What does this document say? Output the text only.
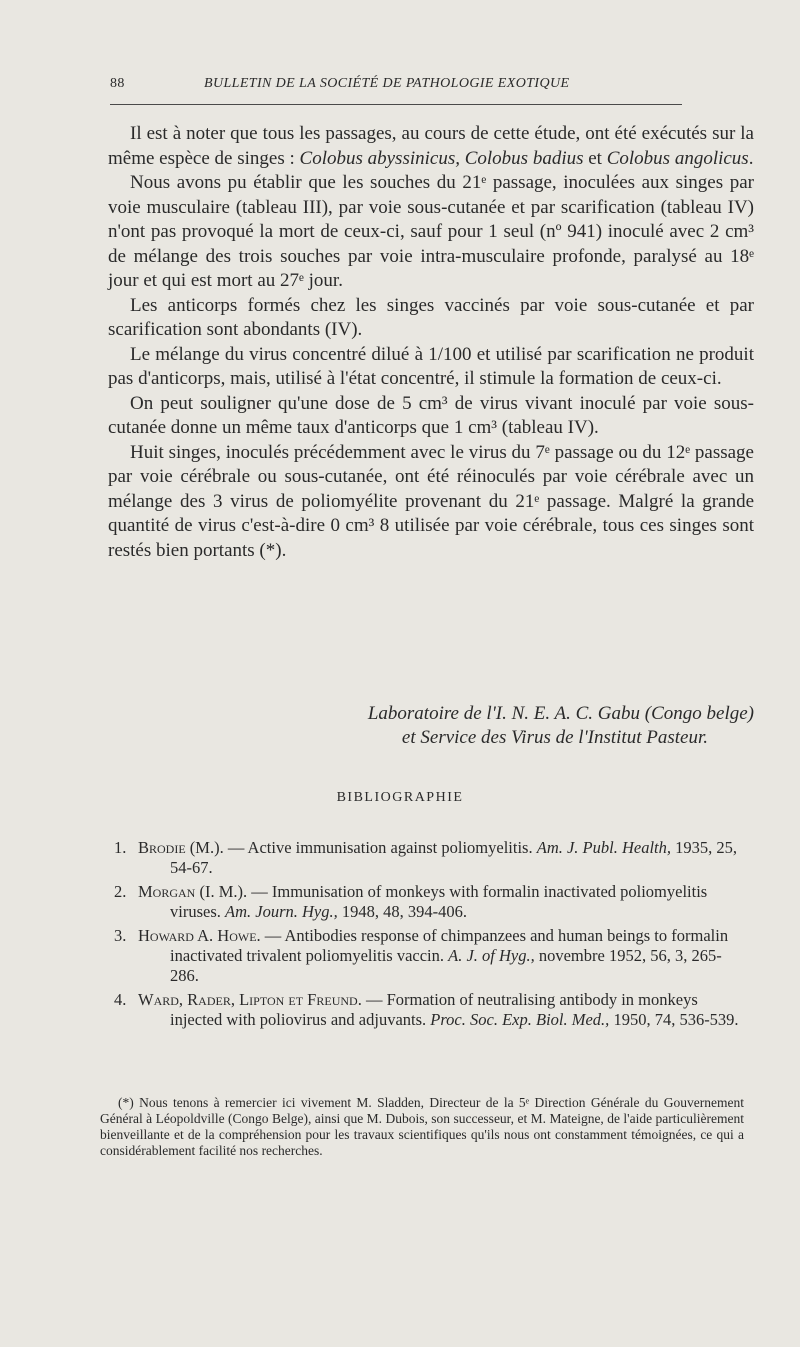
88	BULLETIN DE LA SOCIÉTÉ DE PATHOLOGIE EXOTIQUE

Il est à noter que tous les passages, au cours de cette étude, ont été exécutés sur la même espèce de singes : Colobus abyssinicus, Colobus badius et Colobus angolicus.

Nous avons pu établir que les souches du 21ᵉ passage, inoculées aux singes par voie musculaire (tableau III), par voie sous-cutanée et par scarification (tableau IV) n'ont pas provoqué la mort de ceux-ci, sauf pour 1 seul (nº 941) inoculé avec 2 cm³ de mélange des trois souches par voie intra-musculaire profonde, paralysé au 18ᵉ jour et qui est mort au 27ᵉ jour.

Les anticorps formés chez les singes vaccinés par voie sous-cutanée et par scarification sont abondants (IV).

Le mélange du virus concentré dilué à 1/100 et utilisé par scarification ne produit pas d'anticorps, mais, utilisé à l'état concentré, il stimule la formation de ceux-ci.

On peut souligner qu'une dose de 5 cm³ de virus vivant inoculé par voie sous-cutanée donne un même taux d'anticorps que 1 cm³ (tableau IV).

Huit singes, inoculés précédemment avec le virus du 7ᵉ passage ou du 12ᵉ passage par voie cérébrale ou sous-cutanée, ont été réinoculés par voie cérébrale avec un mélange des 3 virus de poliomyélite provenant du 21ᵉ passage. Malgré la grande quantité de virus c'est-à-dire 0 cm³ 8 utilisée par voie cérébrale, tous ces singes sont restés bien portants (*).

Laboratoire de l'I. N. E. A. C. Gabu (Congo belge)
et Service des Virus de l'Institut Pasteur.
BIBLIOGRAPHIE
1. Brodie (M.). — Active immunisation against poliomyelitis. Am. J. Publ. Health, 1935, 25, 54-67.
2. Morgan (I. M.). — Immunisation of monkeys with formalin inactivated poliomyelitis viruses. Am. Journ. Hyg., 1948, 48, 394-406.
3. Howard A. Howe. — Antibodies response of chimpanzees and human beings to formalin inactivated trivalent poliomyelitis vaccin. A. J. of Hyg., novembre 1952, 56, 3, 265-286.
4. Ward, Rader, Lipton et Freund. — Formation of neutralising antibody in monkeys injected with poliovirus and adjuvants. Proc. Soc. Exp. Biol. Med., 1950, 74, 536-539.

(*) Nous tenons à remercier ici vivement M. Sladden, Directeur de la 5ᵉ Direction Générale du Gouvernement Général à Léopoldville (Congo Belge), ainsi que M. Dubois, son successeur, et M. Mateigne, de l'aide particulièrement bienveillante et de la compréhension pour les travaux scientifiques qu'ils nous ont constamment témoignées, ce qui a considérablement facilité nos recherches.
